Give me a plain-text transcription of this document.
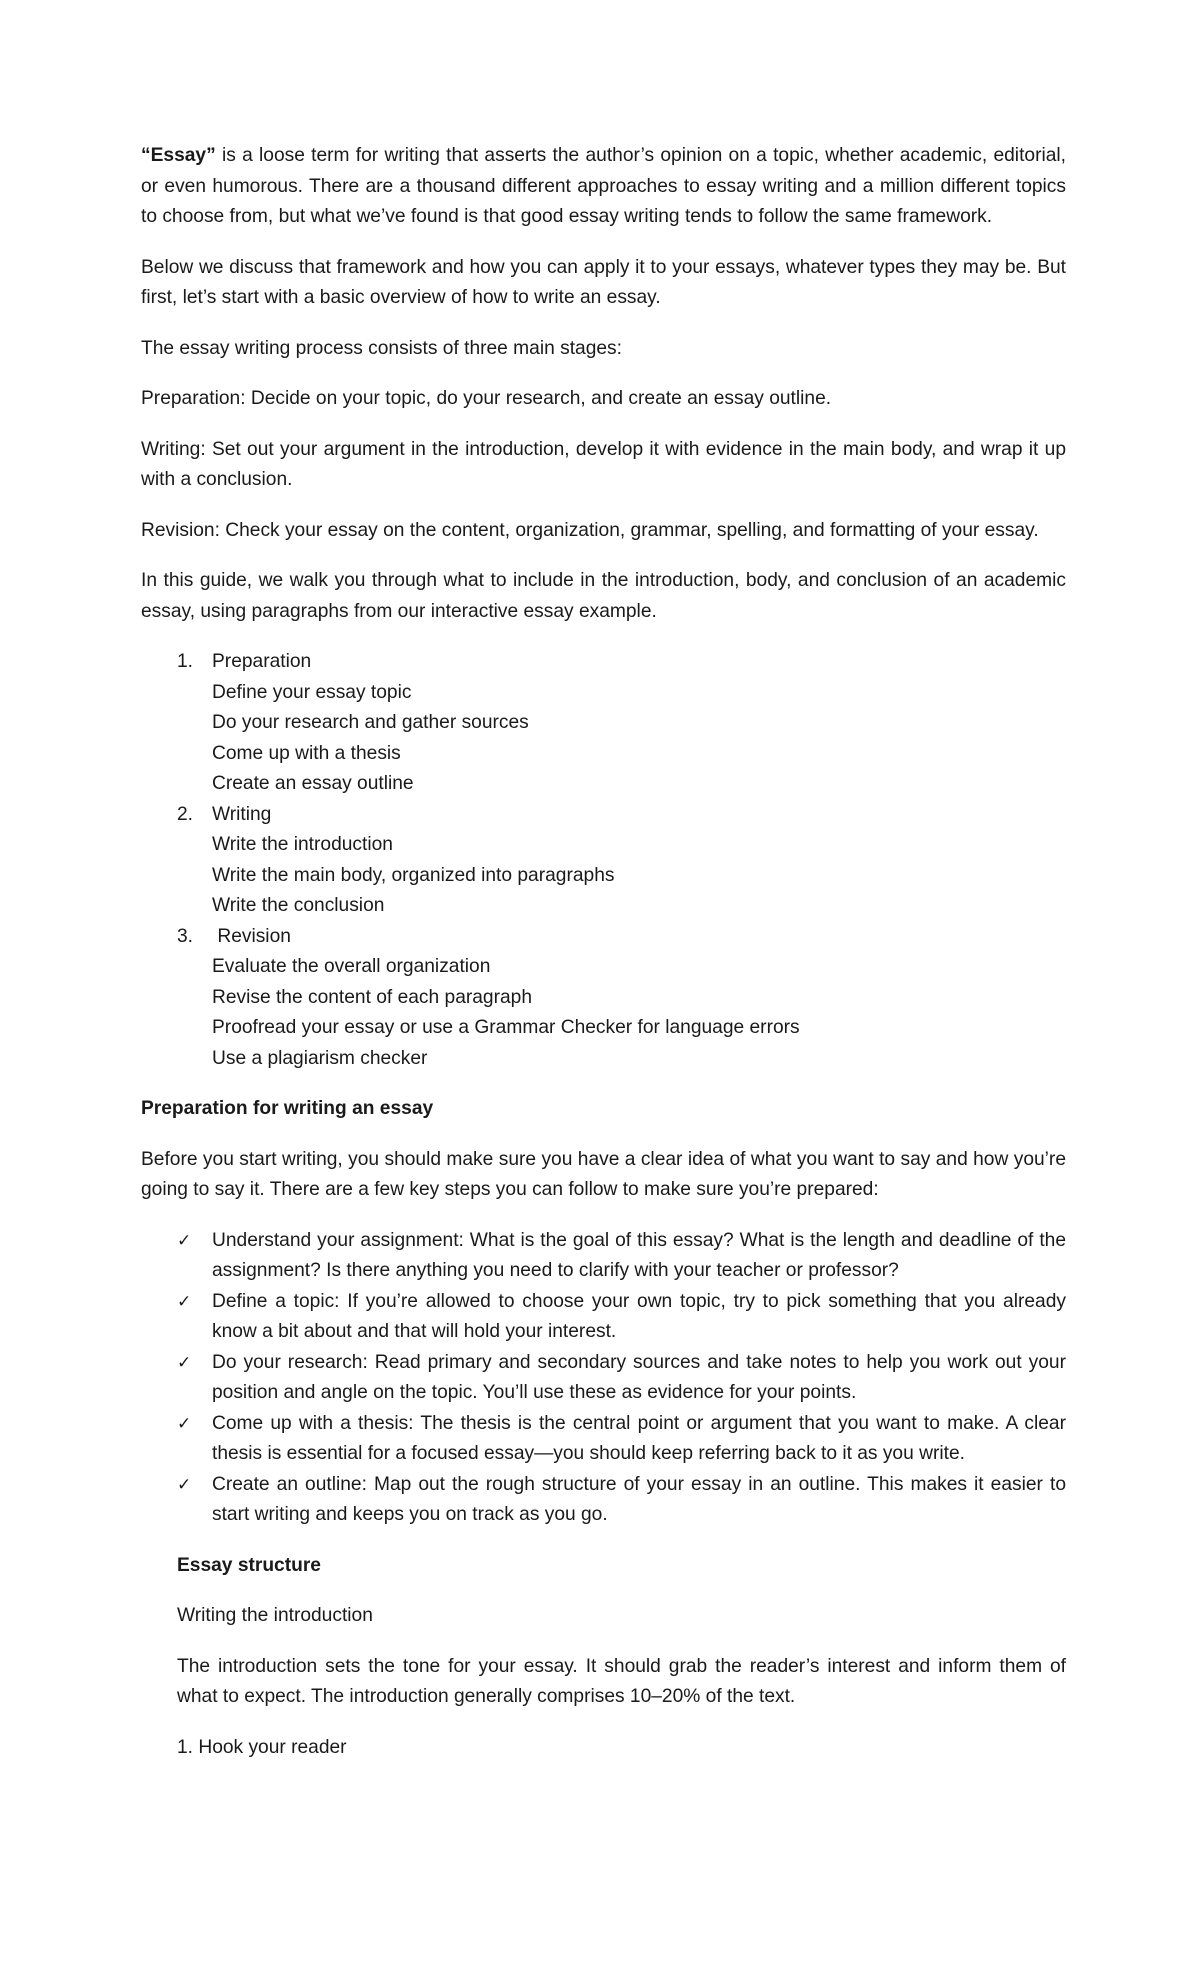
“Essay” is a loose term for writing that asserts the author’s opinion on a topic, whether academic, editorial, or even humorous. There are a thousand different approaches to essay writing and a million different topics to choose from, but what we’ve found is that good essay writing tends to follow the same framework.

Below we discuss that framework and how you can apply it to your essays, whatever types they may be. But first, let’s start with a basic overview of how to write an essay.

The essay writing process consists of three main stages:

Preparation: Decide on your topic, do your research, and create an essay outline.

Writing: Set out your argument in the introduction, develop it with evidence in the main body, and wrap it up with a conclusion.

Revision: Check your essay on the content, organization, grammar, spelling, and formatting of your essay.

In this guide, we walk you through what to include in the introduction, body, and conclusion of an academic essay, using paragraphs from our interactive essay example.

1. Preparation
Define your essay topic
Do your research and gather sources
Come up with a thesis
Create an essay outline
2. Writing
Write the introduction
Write the main body, organized into paragraphs
Write the conclusion
3. Revision
Evaluate the overall organization
Revise the content of each paragraph
Proofread your essay or use a Grammar Checker for language errors
Use a plagiarism checker

Preparation for writing an essay

Before you start writing, you should make sure you have a clear idea of what you want to say and how you’re going to say it. There are a few key steps you can follow to make sure you’re prepared:

✓ Understand your assignment: What is the goal of this essay? What is the length and deadline of the assignment? Is there anything you need to clarify with your teacher or professor?
✓ Define a topic: If you’re allowed to choose your own topic, try to pick something that you already know a bit about and that will hold your interest.
✓ Do your research: Read primary and secondary sources and take notes to help you work out your position and angle on the topic. You’ll use these as evidence for your points.
✓ Come up with a thesis: The thesis is the central point or argument that you want to make. A clear thesis is essential for a focused essay—you should keep referring back to it as you write.
✓ Create an outline: Map out the rough structure of your essay in an outline. This makes it easier to start writing and keeps you on track as you go.

Essay structure

Writing the introduction

The introduction sets the tone for your essay. It should grab the reader’s interest and inform them of what to expect. The introduction generally comprises 10–20% of the text.

1. Hook your reader
